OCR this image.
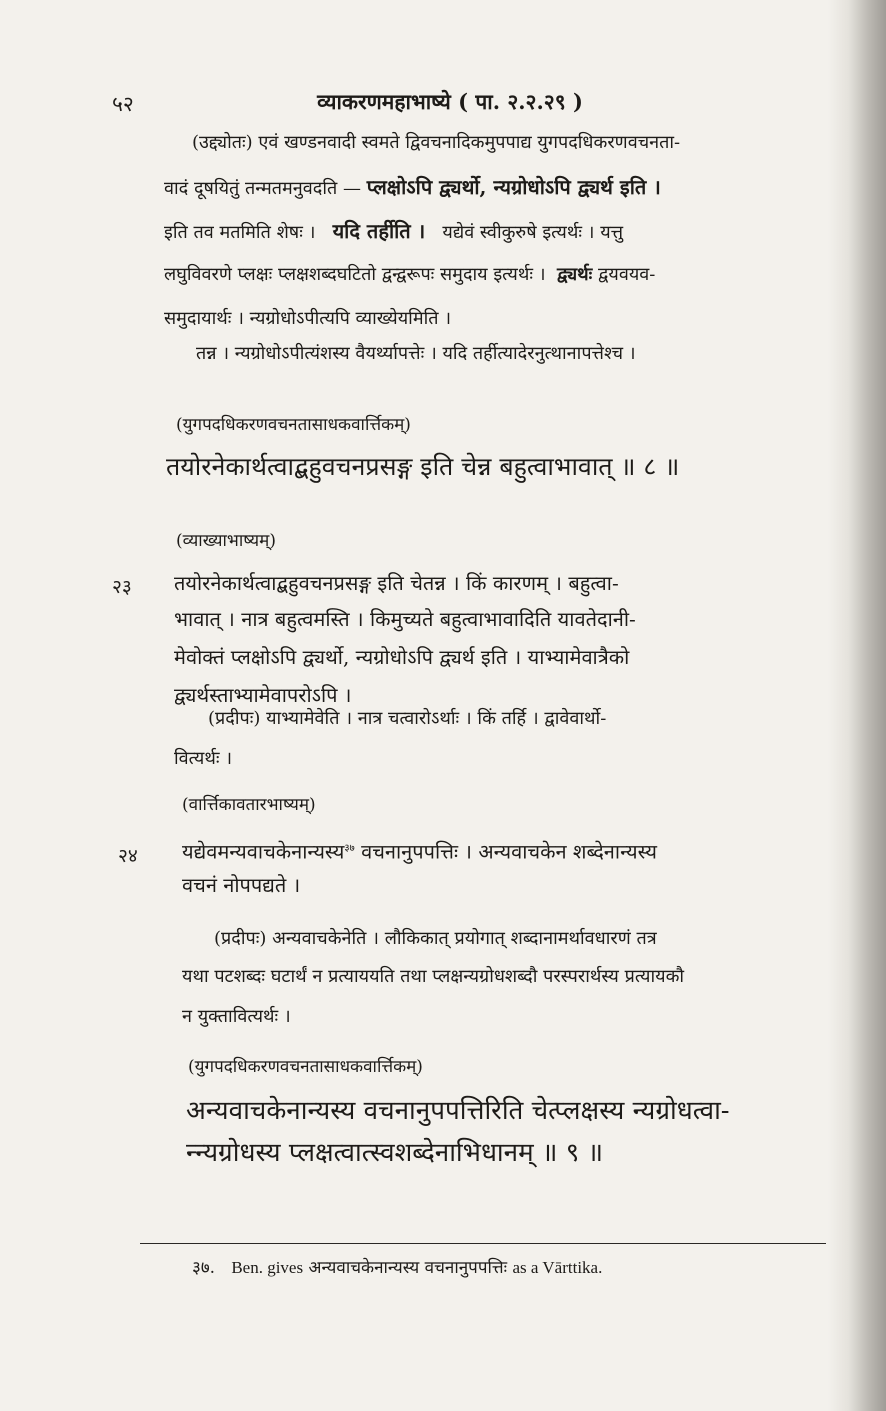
५२	व्याकरणमहाभाष्ये ( पा. २.२.२९ )
(उद्द्योतः) एवं खण्डनवादी स्वमते द्विवचनादिकमुपपाद्य युगपदधिकरणवचनता-
वादं दूषयितुं तन्मतमनुवदति — प्लक्षोऽपि द्व्यर्थो, न्यग्रोधोऽपि द्व्यर्थ इति ।
इति तव मतमिति शेषः । यदि तर्हीति । यद्येवं स्वीकुरुषे इत्यर्थः । यत्तु
लघुविवरणे प्लक्षः प्लक्षशब्दघटितो द्वन्द्वरूपः समुदाय इत्यर्थः । द्व्यर्थः द्वयवयव-
समुदायार्थः । न्यग्रोधोऽपीत्यपि व्याख्येयमिति ।
तन्न । न्यग्रोधोऽपीत्यंशस्य वैयर्थ्यापत्तेः । यदि तर्हीत्यादेरनुत्थानापत्तेश्च ।
(युगपदधिकरणवचनतासाधकवार्त्तिकम्)
तयोरनेकार्थत्वाद्बहुवचनप्रसङ्ग इति चेन्न बहुत्वाभावात् ॥ ८ ॥
(व्याख्याभाष्यम्)
२३ तयोरनेकार्थत्वाद्बहुवचनप्रसङ्ग इति चेतन्न । किं कारणम् । बहुत्वा-
भावात् । नात्र बहुत्वमस्ति । किमुच्यते बहुत्वाभावादिति यावतेदानी-
मेवोक्तं प्लक्षोऽपि द्व्यर्थो, न्यग्रोधोऽपि द्व्यर्थ इति । याभ्यामेवात्रैको
द्व्यर्थस्ताभ्यामेवापरोऽपि ।
(प्रदीपः) याभ्यामेवेति । नात्र चत्वारोऽर्थाः । किं तर्हि । द्वावेवार्थो-
वित्यर्थः ।
(वार्त्तिकावतारभाष्यम्)
२४ यद्येवमन्यवाचकेनान्यस्य$^{३७}$ वचनानुपपत्तिः । अन्यवाचकेन शब्देनान्यस्य
वचनं नोपपद्यते ।
(प्रदीपः) अन्यवाचकेनेति । लौकिकात् प्रयोगात् शब्दानामर्थावधारणं तत्र
यथा पटशब्दः घटार्थं न प्रत्याययति तथा प्लक्षन्यग्रोधशब्दौ परस्परार्थस्य प्रत्यायकौ
न युक्तावित्यर्थः ।
(युगपदधिकरणवचनतासाधकवार्त्तिकम्)
अन्यवाचकेनान्यस्य वचनानुपपत्तिरिति चेत्प्लक्षस्य न्यग्रोधत्वा-
न्न्यग्रोधस्य प्लक्षत्वात्स्वशब्देनाभिधानम् ॥ ९ ॥
३७. Ben. gives अन्यवाचकेनान्यस्य वचनानुपपत्तिः as a Vārttika.
